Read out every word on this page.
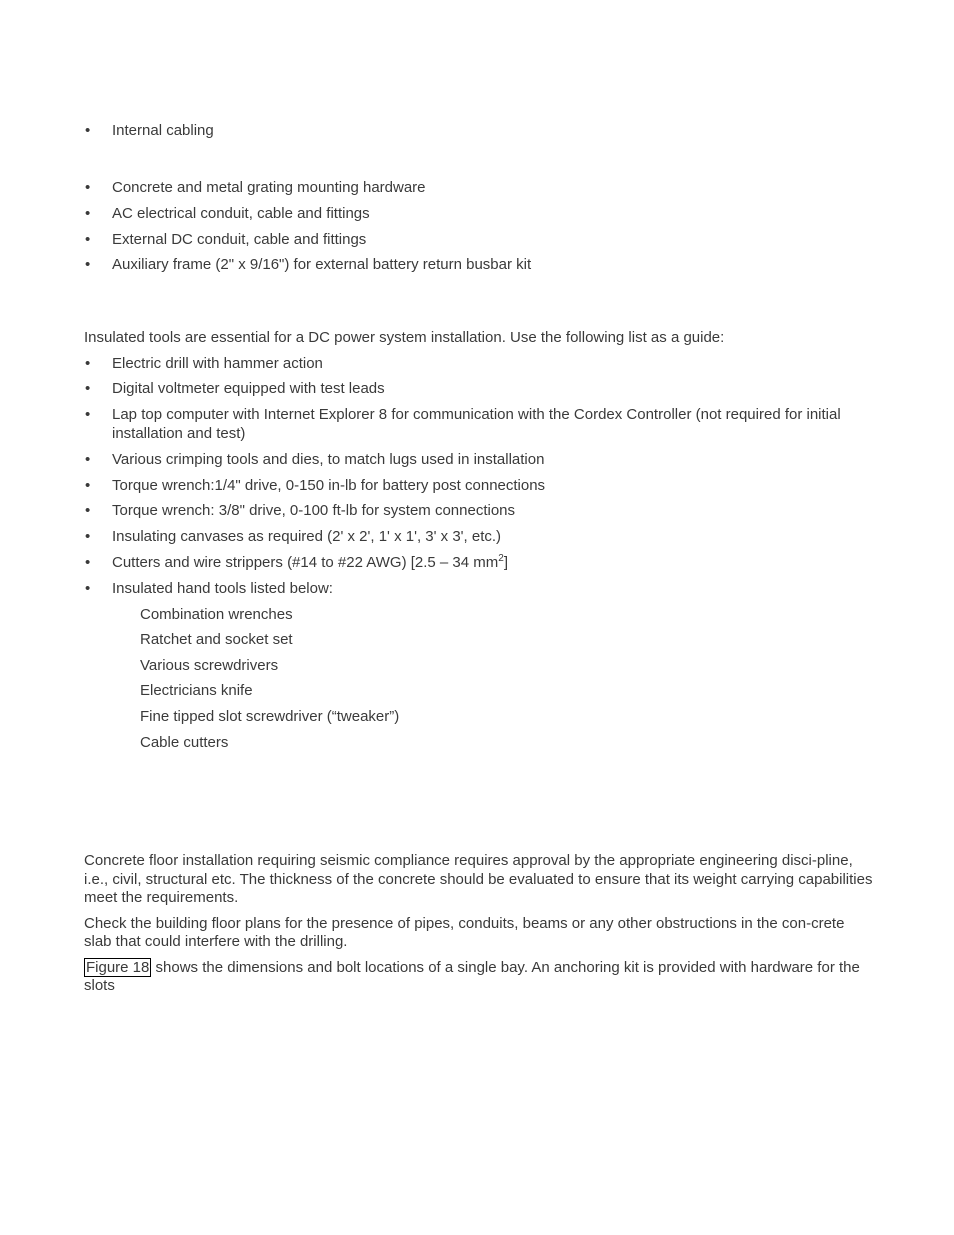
• Internal cabling
• Concrete and metal grating mounting hardware
• AC electrical conduit, cable and fittings
• External DC conduit, cable and fittings
• Auxiliary frame (2" x 9/16") for external battery return busbar kit

Insulated tools are essential for a DC power system installation. Use the following list as a guide:

• Electric drill with hammer action
• Digital voltmeter equipped with test leads
• Lap top computer with Internet Explorer 8 for communication with the Cordex Controller (not required for initial installation and test)
• Various crimping tools and dies, to match lugs used in installation
• Torque wrench:1/4" drive, 0-150 in-lb for battery post connections
• Torque wrench: 3/8" drive, 0-100 ft-lb for system connections
• Insulating canvases as required (2' x 2', 1' x 1', 3' x 3', etc.)
• Cutters and wire strippers (#14 to #22 AWG) [2.5 – 34 $mm^2$]
• Insulated hand tools listed below:
Combination wrenches
Ratchet and socket set
Various screwdrivers
Electricians knife
Fine tipped slot screwdriver (“tweaker”)
Cable cutters

Concrete floor installation requiring seismic compliance requires approval by the appropriate engineering disci-pline, i.e., civil, structural etc. The thickness of the concrete should be evaluated to ensure that its weight carrying capabilities meet the requirements.

Check the building floor plans for the presence of pipes, conduits, beams or any other obstructions in the con-crete slab that could interfere with the drilling.

Figure 18 shows the dimensions and bolt locations of a single bay. An anchoring kit is provided with hardware for the slots
